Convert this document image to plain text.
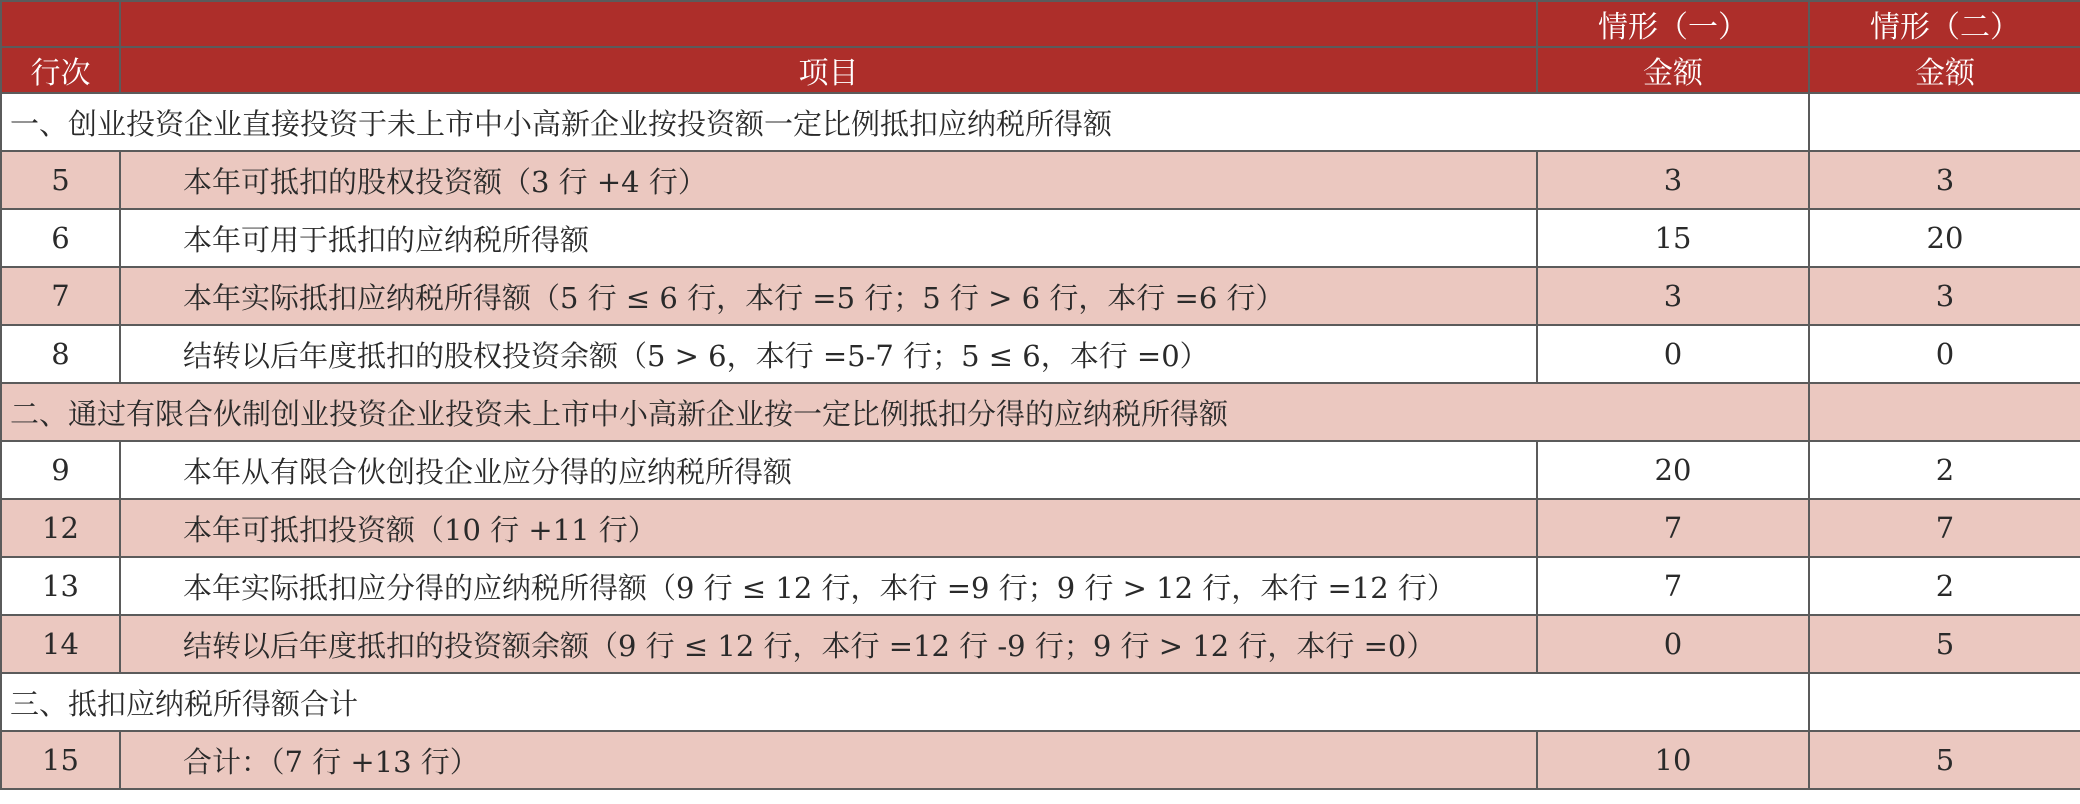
		情形（一）	情形（二）
行次	项目	金额	金额
一、创业投资企业直接投资于未上市中小高新企业按投资额一定比例抵扣应纳税所得额			
5	本年可抵扣的股权投资额（3 行 +4 行）	3	3
6	本年可用于抵扣的应纳税所得额	15	20
7	本年实际抵扣应纳税所得额（5 行 ≤ 6 行，本行 =5 行；5 行 > 6 行，本行 =6 行）	3	3
8	结转以后年度抵扣的股权投资余额（5 > 6，本行 =5-7 行；5 ≤ 6，本行 =0）	0	0
二、通过有限合伙制创业投资企业投资未上市中小高新企业按一定比例抵扣分得的应纳税所得额			
9	本年从有限合伙创投企业应分得的应纳税所得额	20	2
12	本年可抵扣投资额（10 行 +11 行）	7	7
13	本年实际抵扣应分得的应纳税所得额（9 行 ≤ 12 行，本行 =9 行；9 行 > 12 行，本行 =12 行）	7	2
14	结转以后年度抵扣的投资额余额（9 行 ≤ 12 行，本行 =12 行 -9 行；9 行 > 12 行，本行 =0）	0	5
三、抵扣应纳税所得额合计			
15	合计：（7 行 +13 行）	10	5
